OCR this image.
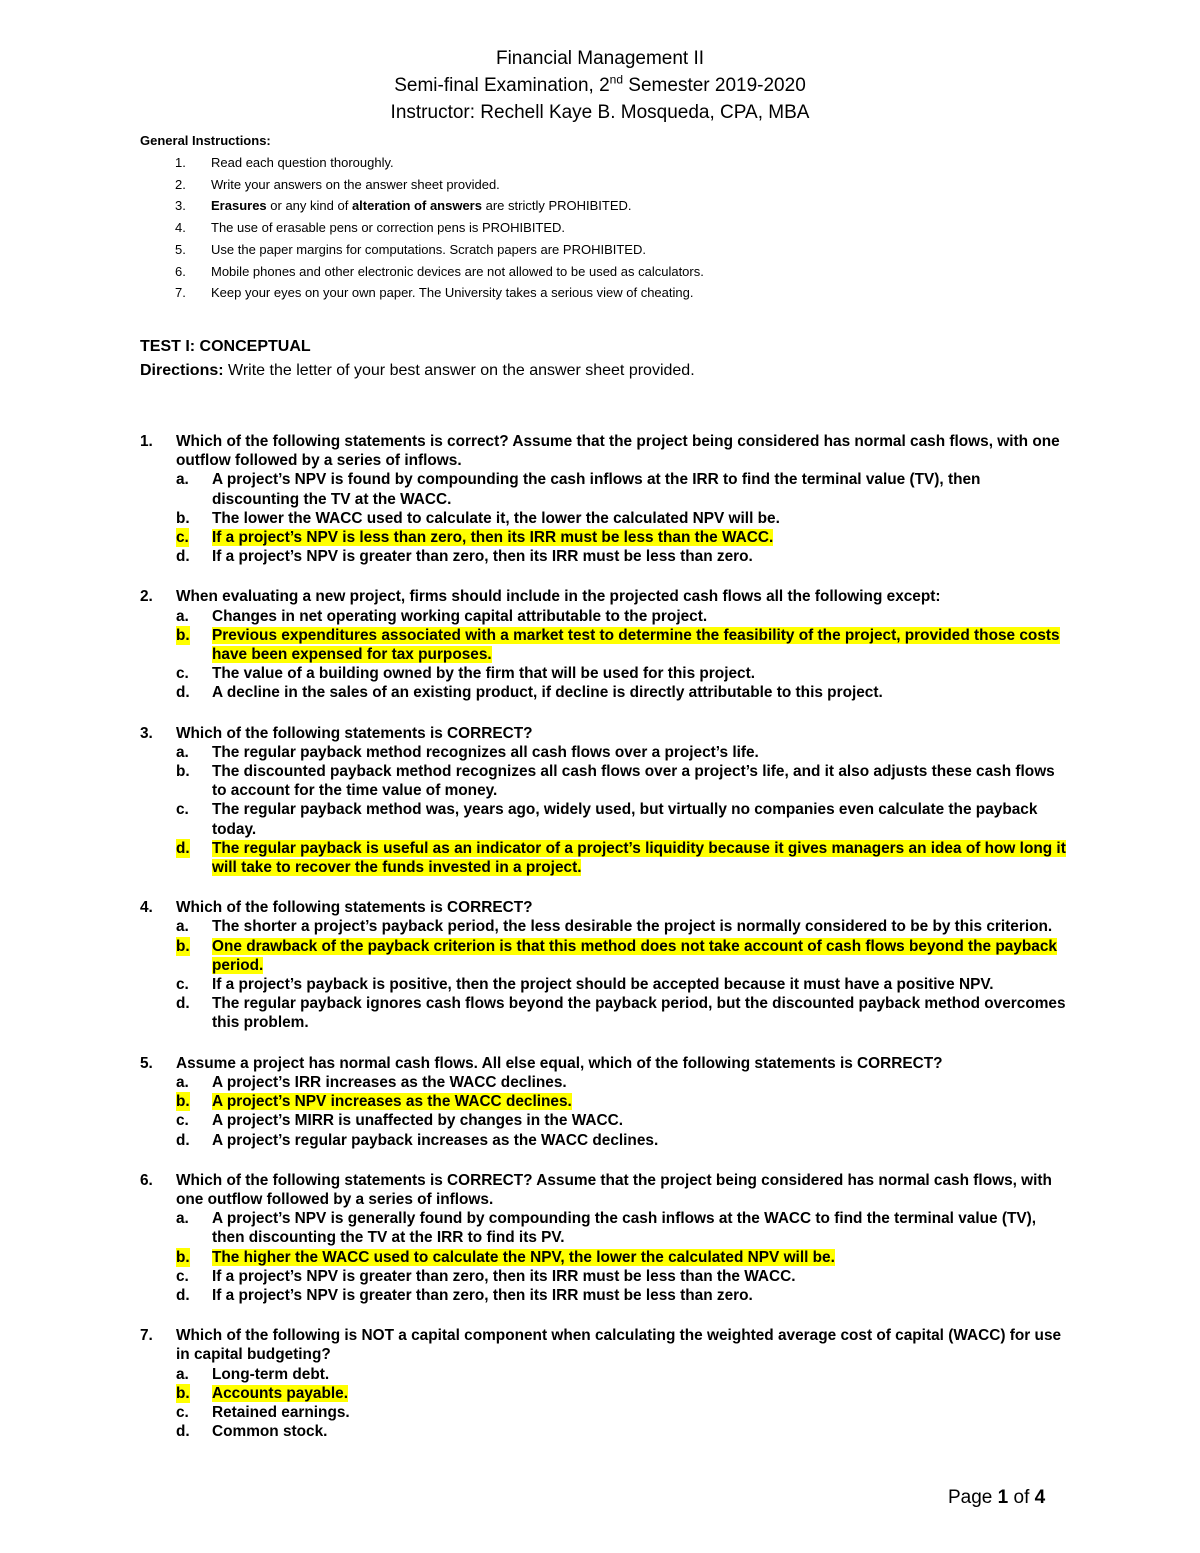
Financial Management II
Semi-final Examination, 2nd Semester 2019-2020
Instructor: Rechell Kaye B. Mosqueda, CPA, MBA
General Instructions:
1. Read each question thoroughly.
2. Write your answers on the answer sheet provided.
3. Erasures or any kind of alteration of answers are strictly PROHIBITED.
4. The use of erasable pens or correction pens is PROHIBITED.
5. Use the paper margins for computations. Scratch papers are PROHIBITED.
6. Mobile phones and other electronic devices are not allowed to be used as calculators.
7. Keep your eyes on your own paper. The University takes a serious view of cheating.
TEST I: CONCEPTUAL
Directions: Write the letter of your best answer on the answer sheet provided.
1. Which of the following statements is correct? Assume that the project being considered has normal cash flows, with one outflow followed by a series of inflows.
a. A project’s NPV is found by compounding the cash inflows at the IRR to find the terminal value (TV), then discounting the TV at the WACC.
b. The lower the WACC used to calculate it, the lower the calculated NPV will be.
c. If a project’s NPV is less than zero, then its IRR must be less than the WACC.
d. If a project’s NPV is greater than zero, then its IRR must be less than zero.
2. When evaluating a new project, firms should include in the projected cash flows all the following except:
a. Changes in net operating working capital attributable to the project.
b. Previous expenditures associated with a market test to determine the feasibility of the project, provided those costs have been expensed for tax purposes.
c. The value of a building owned by the firm that will be used for this project.
d. A decline in the sales of an existing product, if decline is directly attributable to this project.
3. Which of the following statements is CORRECT?
a. The regular payback method recognizes all cash flows over a project’s life.
b. The discounted payback method recognizes all cash flows over a project’s life, and it also adjusts these cash flows to account for the time value of money.
c. The regular payback method was, years ago, widely used, but virtually no companies even calculate the payback today.
d. The regular payback is useful as an indicator of a project’s liquidity because it gives managers an idea of how long it will take to recover the funds invested in a project.
4. Which of the following statements is CORRECT?
a. The shorter a project’s payback period, the less desirable the project is normally considered to be by this criterion.
b. One drawback of the payback criterion is that this method does not take account of cash flows beyond the payback period.
c. If a project’s payback is positive, then the project should be accepted because it must have a positive NPV.
d. The regular payback ignores cash flows beyond the payback period, but the discounted payback method overcomes this problem.
5. Assume a project has normal cash flows. All else equal, which of the following statements is CORRECT?
a. A project’s IRR increases as the WACC declines.
b. A project’s NPV increases as the WACC declines.
c. A project’s MIRR is unaffected by changes in the WACC.
d. A project’s regular payback increases as the WACC declines.
6. Which of the following statements is CORRECT? Assume that the project being considered has normal cash flows, with one outflow followed by a series of inflows.
a. A project’s NPV is generally found by compounding the cash inflows at the WACC to find the terminal value (TV), then discounting the TV at the IRR to find its PV.
b. The higher the WACC used to calculate the NPV, the lower the calculated NPV will be.
c. If a project’s NPV is greater than zero, then its IRR must be less than the WACC.
d. If a project’s NPV is greater than zero, then its IRR must be less than zero.
7. Which of the following is NOT a capital component when calculating the weighted average cost of capital (WACC) for use in capital budgeting?
a. Long-term debt.
b. Accounts payable.
c. Retained earnings.
d. Common stock.
Page 1 of 4
